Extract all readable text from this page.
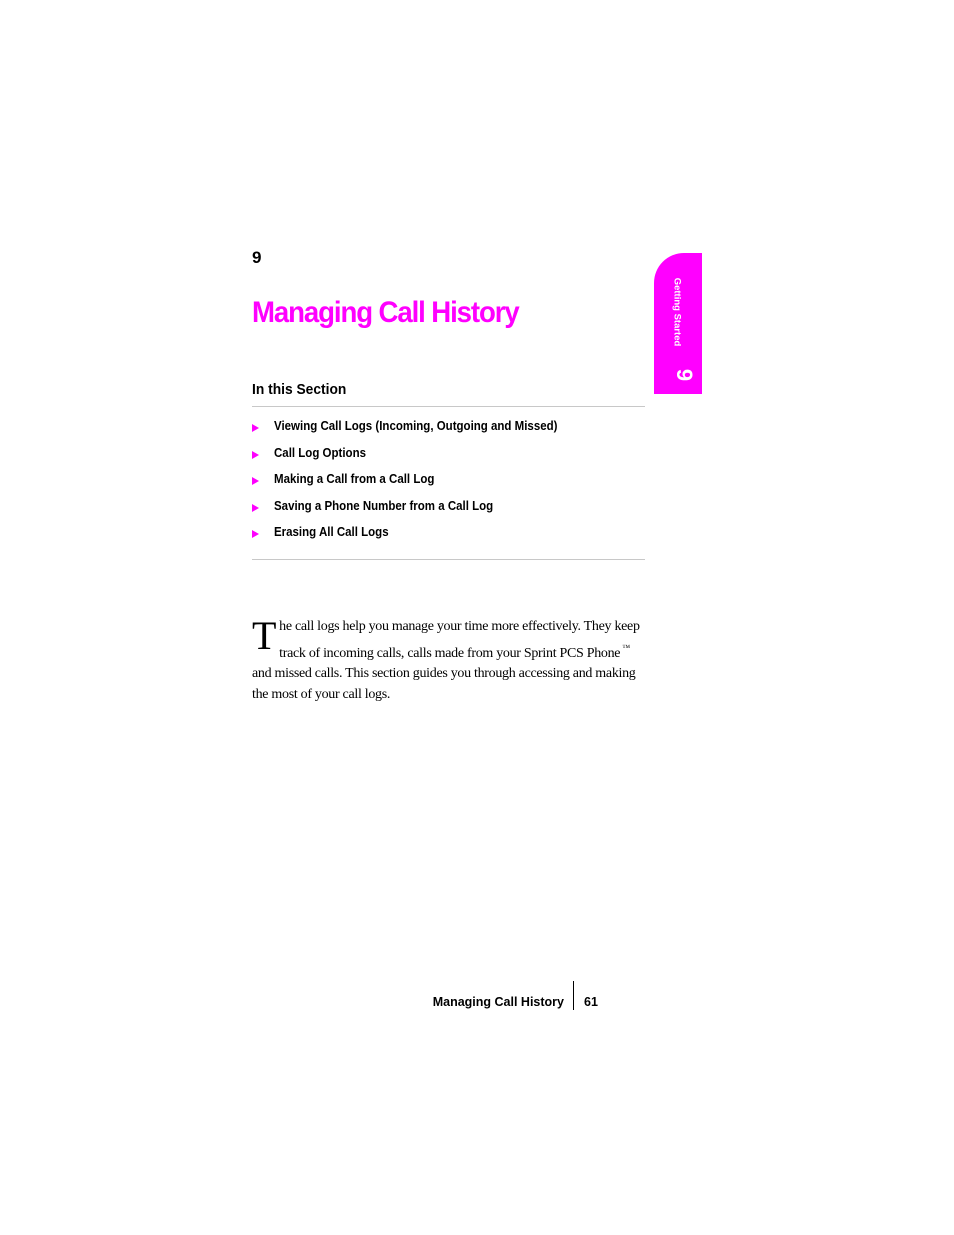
9
Managing Call History
In this Section
Viewing Call Logs (Incoming, Outgoing and Missed)
Call Log Options
Making a Call from a Call Log
Saving a Phone Number from a Call Log
Erasing All Call Logs

The call logs help you manage your time more effectively. They keep track of incoming calls, calls made from your Sprint PCS Phone ™ and missed calls. This section guides you through accessing and making the most of your call logs.

Getting Started
9
Managing Call History 61
